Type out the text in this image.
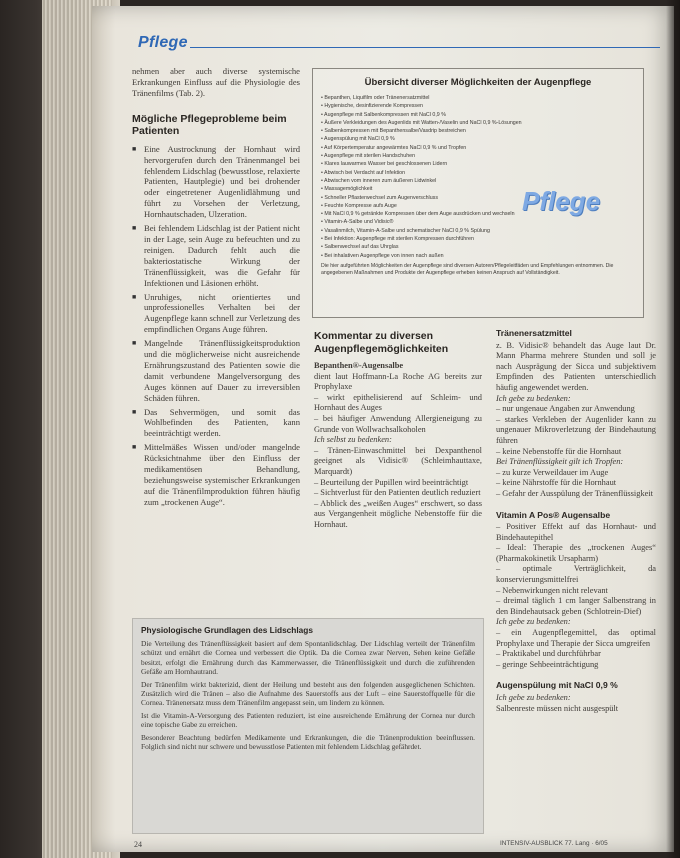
Pflege

nehmen aber auch diverse systemische Erkrankungen Einfluss auf die Physiologie des Tränenfilms (Tab. 2).

Mögliche Pflegeprobleme beim Patienten
■ Eine Austrocknung der Hornhaut wird hervorgerufen durch den Tränenmangel bei fehlendem Lidschlag (bewusstlose, relaxierte Patienten, Hautplegie) und bei drohender oder eingetretener Augenlidlähmung und führt zu Vorsehen der Verletzung, Hornhautschaden, Ulzeration.
■ Bei fehlendem Lidschlag ist der Patient nicht in der Lage, sein Auge zu befeuchten und zu reinigen. Dadurch fehlt auch die bakteriostatische Wirkung der Tränenflüssigkeit, was die Gefahr für Infektionen und Läsionen erhöht.
■ Unruhiges, nicht orientiertes und unprofessionelles Verhalten bei der Augenpflege kann schnell zur Verletzung des empfindlichen Organs Auge führen.
■ Mangelnde Tränenflüssigkeitsproduktion und die möglicherweise nicht ausreichende Ernährungszustand des Patienten sowie die damit verbundene Mangelversorgung des Auges können auf Dauer zu irreversiblen Schäden führen.
■ Das Sehvermögen, und somit das Wohlbefinden des Patienten, kann beeinträchtigt werden.
■ Mittelmäßes Wissen und/oder mangelnde Rücksichtnahme über den Einfluss der medikamentösen Behandlung, beziehungsweise systemischer Erkrankungen auf die Tränenfilmproduktion führen häufig zum „trockenen Auge“.
Übersicht diverser Möglichkeiten der Augenpflege
• Bepanthen, Liquifilm oder Tränenersatzmittel
• Hygienische, desinfizierende Kompressen
• Augenpflege mit Salbenkompressen mit NaCl 0,9 %
• Äußere Verkleidungen des Augenlids mit Watten-/Vaselin und NaCl 0,9 %-Lösungen
• Salbenkompressen mit Bepanthensalbe/Vasdrip bestreichen
• Augenspülung mit NaCl 0,9 %
• Auf Körpertemperatur angewärmtes NaCl 0,9 % und Tropfen
• Augenpflege mit sterilen Handschuhen
• Klares lauwarmes Wasser bei geschlossenen Lidern
• Abwisch bei Verdacht auf Infektion
• Abwischen vom inneren zum äußeren Lidwinkel
• Massagemöglichkeit
• Schneller Pflasterwechsel zum Augenverschluss
• Feuchte Kompresse aufs Auge
• Mit NaCl 0,9 % getränkte Kompressen über dem Auge ausdrücken und wechseln
• Vitamin-A-Salbe und Vidisic®
• Vasalinmilch, Vitamin-A-Salbe und schematischer NaCl 0,9 % Spülung
• Bei Infektion: Augenpflege mit sterilen Kompressen durchführen
• Salbenwechsel auf das Uhrglas
• Bei inhalativen Augenpflege von innen nach außen
Die hier aufgeführten Möglichkeiten der Augenpflege sind diversen Autoren/Pflegeleitfäden und Empfehlungen entnommen. Die angegebenen Maßnahmen und Produkte der Augenpflege erheben keinen Anspruch auf Vollständigkeit.
Pflege
Kommentar zu diversen Augenpflegemöglichkeiten

Bepanthen®-Augensalbe

dient laut Hoffmann-La Roche AG bereits zur Prophylaxe

– wirkt epithelisierend auf Schleim- und Hornhaut des Auges

– bei häufiger Anwendung Allergieneigung zu Grunde von Wollwachsalkoholen

Ich selbst zu bedenken:

– Tränen-Einwaschmittel bei Dexpanthenol geeignet als Vidisic® (Schleimhauttaxe, Marquardt)

– Beurteilung der Pupillen wird beeinträchtigt

– Sichtverlust für den Patienten deutlich reduziert

– Abblick des „weißen Auges“ erschwert, so dass aus Vergangenheit mögliche Nebenstoffe für die Hornhaut.

Tränenersatzmittel

z. B. Vidisic® behandelt das Auge laut Dr. Mann Pharma mehrere Stunden und soll je nach Ausprägung der Sicca und subjektivem Empfinden des Patienten unterschiedlich häufig angewendet werden.

Ich gebe zu bedenken:

– nur ungenaue Angaben zur Anwendung

– starkes Verkleben der Augenlider kann zu ungenauer Mikroverletzung der Bindehautung führen

– keine Nebenstoffe für die Hornhaut

Bei Tränenflüssigkeit gilt ich Tropfen:

– zu kurze Verweildauer im Auge

– keine Nährstoffe für die Hornhaut

– Gefahr der Ausspülung der Tränenflüssigkeit

Vitamin A Pos® Augensalbe

– Positiver Effekt auf das Hornhaut- und Bindehautepithel

– Ideal: Therapie des „trockenen Auges“ (Pharmakokinetik Ursapharm)

– optimale Verträglichkeit, da konservierungsmittelfrei

– Nebenwirkungen nicht relevant

– dreimal täglich 1 cm langer Salbenstrang in den Bindehautsack geben (Schlotrein-Dief)

Ich gebe zu bedenken:

– ein Augenpflegemittel, das optimal Prophylaxe und Therapie der Sicca umgreifen

– Praktikabel und durchführbar

– geringe Sehbeeinträchtigung

Augenspülung mit NaCl 0,9 %

Ich gebe zu bedenken:

Salbenreste müssen nicht ausgespült

Physiologische Grundlagen des Lidschlags

Die Verteilung des Tränenflüssigkeit basiert auf dem Spontanlidschlag. Der Lidschlag verteilt der Tränenfilm schützt und ernährt die Cornea und verbessert die Optik. Da die Cornea zwar Nerven, Sehen keine Gefäße besitzt, erfolgt die Ernährung durch das Kammerwasser, die Tränenflüssigkeit und durch die zuführenden Gefäße am Hornhautrand.

Der Tränenfilm wirkt bakterizid, dient der Heilung und besteht aus den folgenden ausgeglichenen Schichten. Zusätzlich wird die Tränen – also die Aufnahme des Sauerstoffs aus der Luft – eine Sauerstoffquelle für die Cornea. Tränenersatz muss dem Tränenfilm angepasst sein, um lindern zu können.

Ist die Vitamin-A-Versorgung des Patienten reduziert, ist eine ausreichende Ernährung der Cornea nur durch eine topische Gabe zu erreichen.

Besonderer Beachtung bedürfen Medikamente und Erkrankungen, die die Tränenproduktion beeinflussen. Folglich sind nicht nur schwere und bewusstlose Patienten mit fehlendem Lidschlag gefährdet.

24	INTENSIV-AUSBLICK 77. Lang · 6/05
